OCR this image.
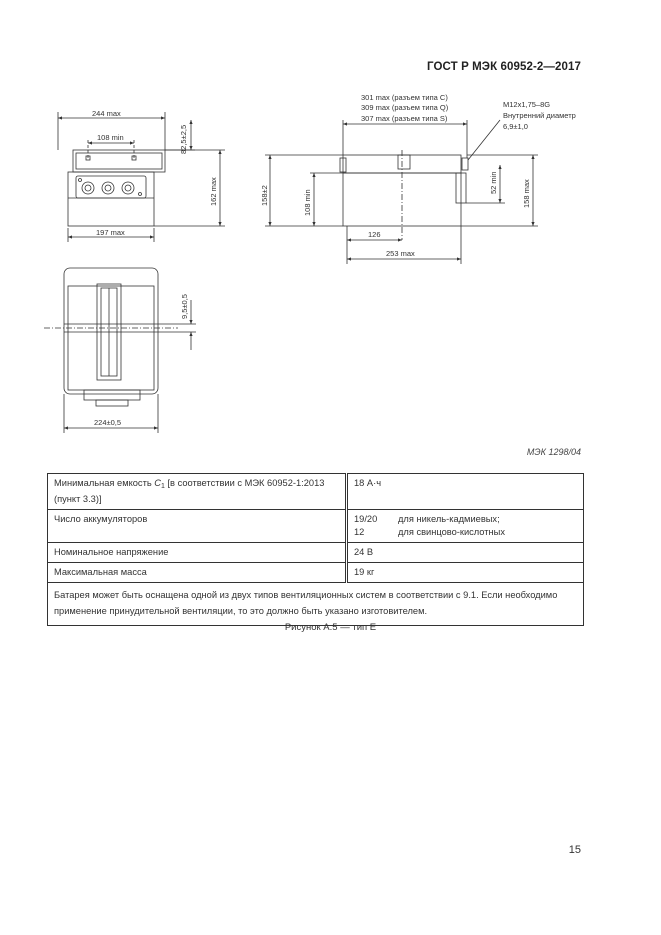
ГОСТ Р МЭК 60952-2—2017
244 max
108 min	82,5±2,5
162 max
197 max
301 max (разъем типа С)
309 max (разъем типа Q)
307 max (разъем типа S)
M12x1,75–8G
Внутренний диаметр
6,9±1,0
158±2	108 min
52 min	158 max
126
253 max
9,5±0,5
224±0,5
МЭК 1298/04
Минимальная емкость $C_1$ [в соответствии с МЭК 60952-1:2013 (пункт 3.3)]	18 А·ч
Число аккумуляторов	19/20 для никель-кадмиевых;
12 для свинцово-кислотных

Номинальное напряжение	24 В
Максимальная масса	19 кг
Батарея может быть оснащена одной из двух типов вентиляционных систем в соответствии с 9.1. Если необходимо применение принудительной вентиляции, то это должно быть указано изготовителем.	
Рисунок А.5 — тип Е
15
